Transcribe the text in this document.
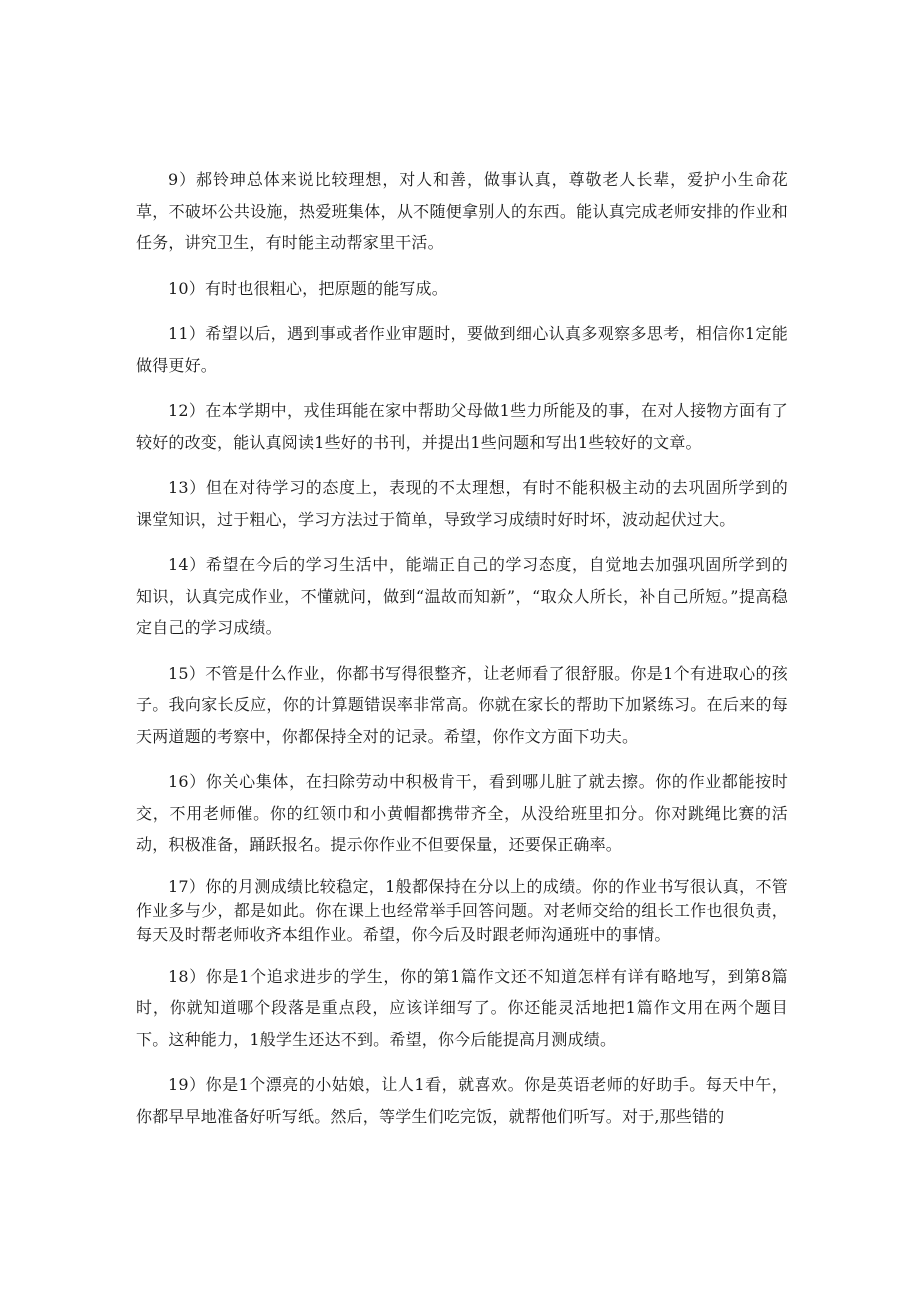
9）郝铃珅总体来说比较理想，对人和善，做事认真，尊敬老人长辈，爱护小生命花草，不破坏公共设施，热爱班集体，从不随便拿别人的东西。能认真完成老师安排的作业和任务，讲究卫生，有时能主动帮家里干活。

10）有时也很粗心，把原题的能写成。

11）希望以后，遇到事或者作业审题时，要做到细心认真多观察多思考，相信你1定能做得更好。

12）在本学期中，戎佳珥能在家中帮助父母做1些力所能及的事，在对人接物方面有了较好的改变，能认真阅读1些好的书刊，并提出1些问题和写出1些较好的文章。

13）但在对待学习的态度上，表现的不太理想，有时不能积极主动的去巩固所学到的课堂知识，过于粗心，学习方法过于简单，导致学习成绩时好时坏，波动起伏过大。

14）希望在今后的学习生活中，能端正自己的学习态度，自觉地去加强巩固所学到的知识，认真完成作业，不懂就问，做到“温故而知新”，“取众人所长，补自己所短。”提高稳定自己的学习成绩。

15）不管是什么作业，你都书写得很整齐，让老师看了很舒服。你是1个有进取心的孩子。我向家长反应，你的计算题错误率非常高。你就在家长的帮助下加紧练习。在后来的每天两道题的考察中，你都保持全对的记录。希望，你作文方面下功夫。

16）你关心集体，在扫除劳动中积极肯干，看到哪儿脏了就去擦。你的作业都能按时交，不用老师催。你的红领巾和小黄帽都携带齐全，从没给班里扣分。你对跳绳比赛的活动，积极准备，踊跃报名。提示你作业不但要保量，还要保正确率。

17）你的月测成绩比较稳定，1般都保持在分以上的成绩。你的作业书写很认真，不管作业多与少，都是如此。你在课上也经常举手回答问题。对老师交给的组长工作也很负责，每天及时帮老师收齐本组作业。希望，你今后及时跟老师沟通班中的事情。

18）你是1个追求进步的学生，你的第1篇作文还不知道怎样有详有略地写，到第8篇时，你就知道哪个段落是重点段，应该详细写了。你还能灵活地把1篇作文用在两个题目下。这种能力，1般学生还达不到。希望，你今后能提高月测成绩。

19）你是1个漂亮的小姑娘，让人1看，就喜欢。你是英语老师的好助手。每天中午，你都早早地准备好听写纸。然后，等学生们吃完饭，就帮他们听写。对于,那些错的
